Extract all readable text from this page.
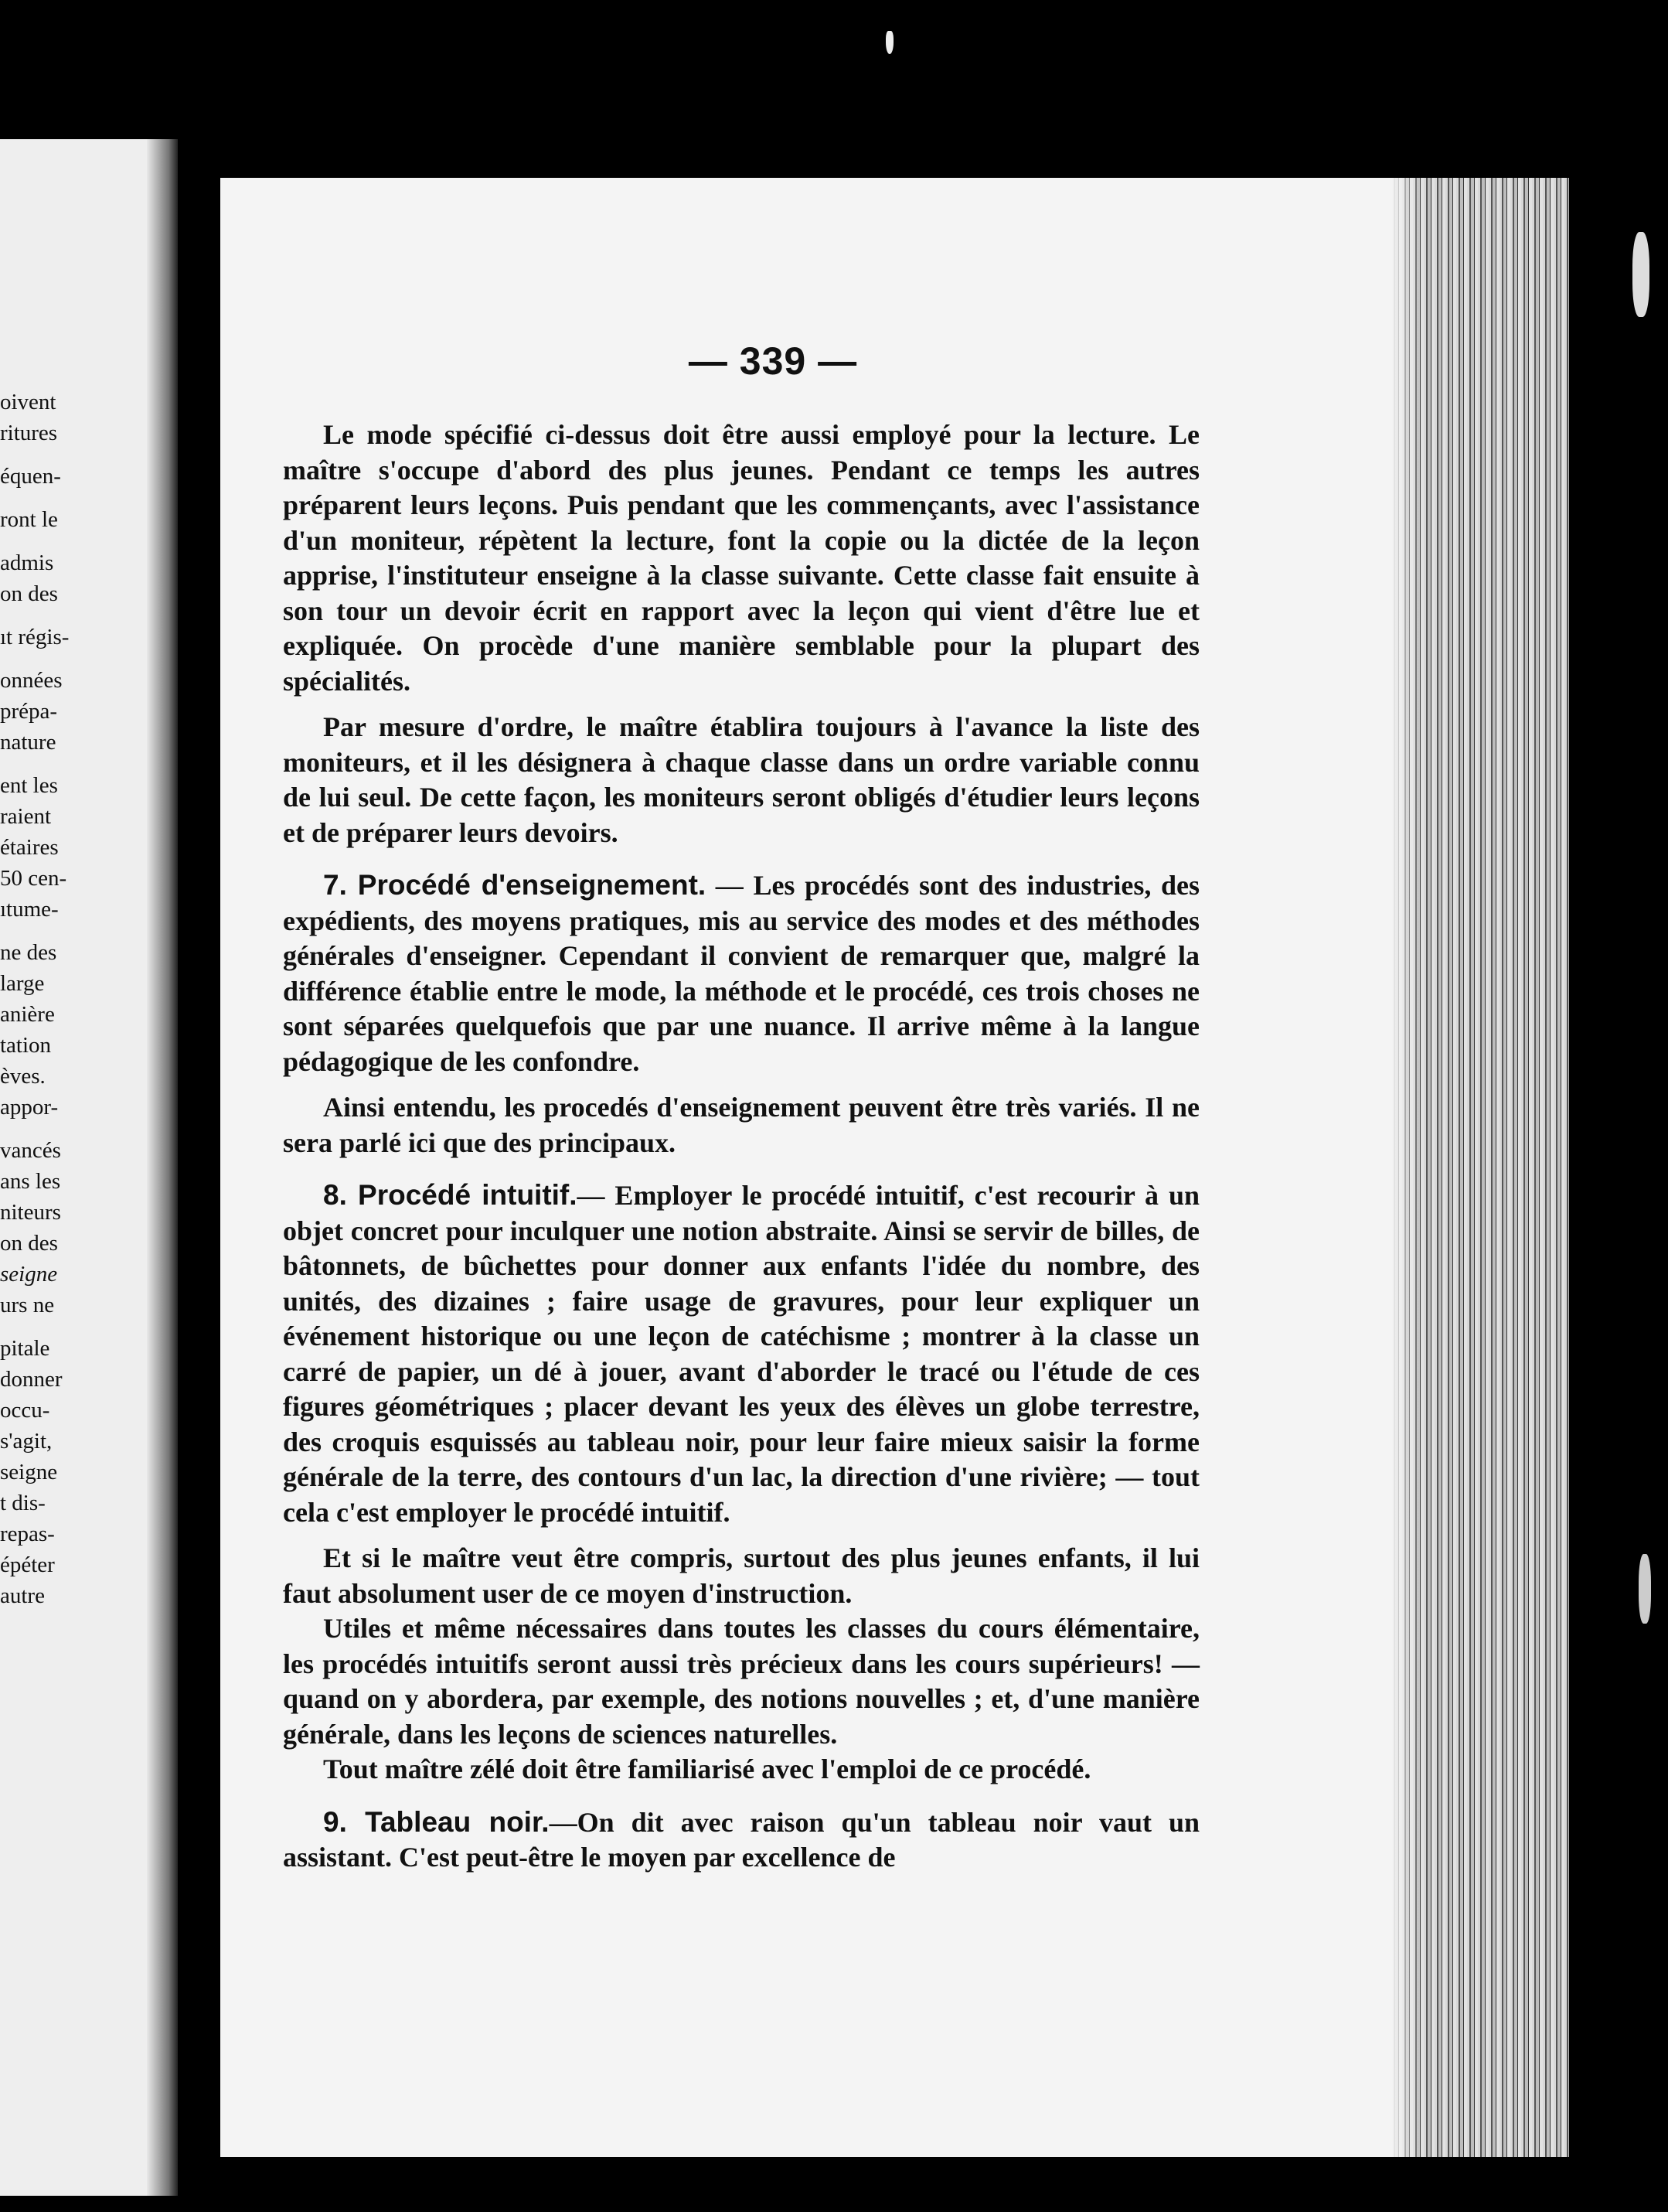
oivent
ritures
équen-
ront le
admis
on des
ıt régis-
onnées
prépa-
nature
ent les
raient
étaires
50 cen-
ıtume-
ne des
large
anière
tation
èves.
appor-
vancés
ans les
niteurs
on des
seigne
urs ne
pitale
donner
occu-
s'agit,
seigne
t dis-
repas-
épéter
autre
— 339 —

Le mode spécifié ci-dessus doit être aussi employé pour la lecture. Le maître s'occupe d'abord des plus jeunes. Pendant ce temps les autres préparent leurs leçons. Puis pendant que les commençants, avec l'assistance d'un moniteur, répètent la lecture, font la copie ou la dictée de la leçon apprise, l'instituteur enseigne à la classe suivante. Cette classe fait ensuite à son tour un devoir écrit en rapport avec la leçon qui vient d'être lue et expliquée. On procède d'une manière semblable pour la plupart des spécialités.

Par mesure d'ordre, le maître établira toujours à l'avance la liste des moniteurs, et il les désignera à chaque classe dans un ordre variable connu de lui seul. De cette façon, les moniteurs seront obligés d'étudier leurs leçons et de préparer leurs devoirs.

7. Procédé d'enseignement. — Les procédés sont des industries, des expédients, des moyens pratiques, mis au service des modes et des méthodes générales d'enseigner. Cependant il convient de remarquer que, malgré la différence établie entre le mode, la méthode et le procédé, ces trois choses ne sont séparées quelquefois que par une nuance. Il arrive même à la langue pédagogique de les confondre.

Ainsi entendu, les procedés d'enseignement peuvent être très variés. Il ne sera parlé ici que des principaux.

8. Procédé intuitif.— Employer le procédé intuitif, c'est recourir à un objet concret pour inculquer une notion abstraite. Ainsi se servir de billes, de bâtonnets, de bûchettes pour donner aux enfants l'idée du nombre, des unités, des dizaines ; faire usage de gravures, pour leur expliquer un événement historique ou une leçon de catéchisme ; montrer à la classe un carré de papier, un dé à jouer, avant d'aborder le tracé ou l'étude de ces figures géométriques ; placer devant les yeux des élèves un globe terrestre, des croquis esquissés au tableau noir, pour leur faire mieux saisir la forme générale de la terre, des contours d'un lac, la direction d'une rivière; — tout cela c'est employer le procédé intuitif.

Et si le maître veut être compris, surtout des plus jeunes enfants, il lui faut absolument user de ce moyen d'instruction.

Utiles et même nécessaires dans toutes les classes du cours élémentaire, les procédés intuitifs seront aussi très précieux dans les cours supérieurs! — quand on y abordera, par exemple, des notions nouvelles ; et, d'une manière générale, dans les leçons de sciences naturelles.

Tout maître zélé doit être familiarisé avec l'emploi de ce procédé.

9. Tableau noir.—On dit avec raison qu'un tableau noir vaut un assistant. C'est peut-être le moyen par excellence de
